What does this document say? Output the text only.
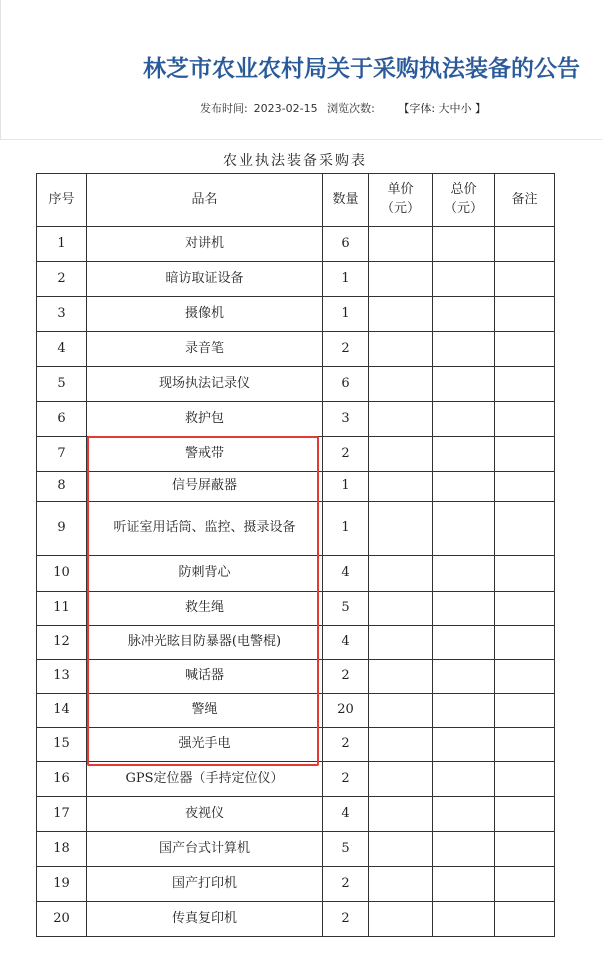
林芝市农业农村局关于采购执法装备的公告
发布时间: 2023-02-15 浏览次数: 【字体: 大中小 】
农业执法装备采购表
序号	品名	数量	单价（元）	总价（元）	备注
1	对讲机	6			
2	暗访取证设备	1			
3	摄像机	1			
4	录音笔	2			
5	现场执法记录仪	6			
6	救护包	3			
7	警戒带	2			
8	信号屏蔽器	1			
9	听证室用话筒、监控、摄录设备	1			
10	防刺背心	4			
11	救生绳	5			
12	脉冲光眩目防暴器(电警棍)	4			
13	喊话器	2			
14	警绳	20			
15	强光手电	2			
16	GPS定位器（手持定位仪）	2			
17	夜视仪	4			
18	国产台式计算机	5			
19	国产打印机	2			
20	传真复印机	2			
